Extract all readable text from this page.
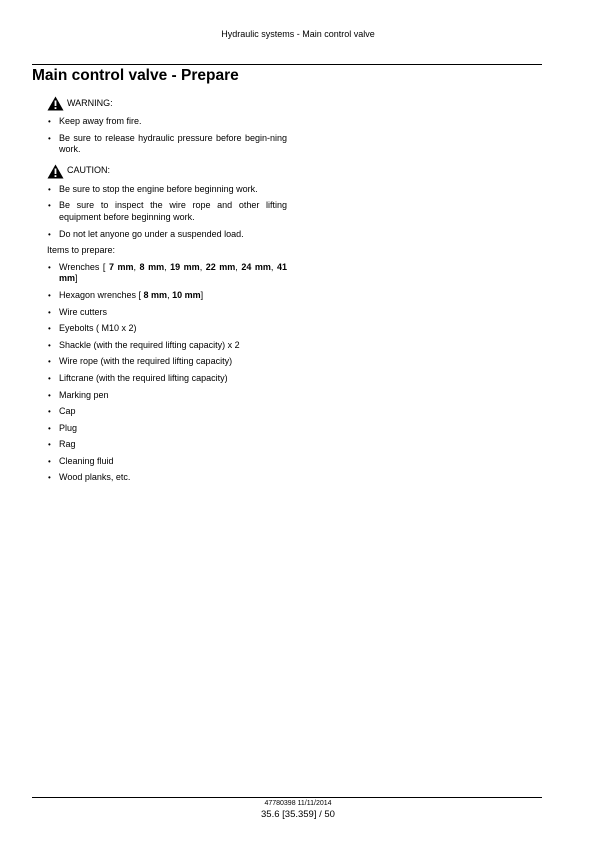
Hydraulic systems - Main control valve
Main control valve - Prepare
WARNING:
• Keep away from fire.
• Be sure to release hydraulic pressure before begin-ning work.
CAUTION:
• Be sure to stop the engine before beginning work.
• Be sure to inspect the wire rope and other lifting equipment before beginning work.
• Do not let anyone go under a suspended load.
Items to prepare:
• Wrenches [ 7 mm, 8 mm, 19 mm, 22 mm, 24 mm, 41 mm]
• Hexagon wrenches [ 8 mm, 10 mm]
• Wire cutters
• Eyebolts ( M10 x 2)
• Shackle (with the required lifting capacity) x 2
• Wire rope (with the required lifting capacity)
• Liftcrane (with the required lifting capacity)
• Marking pen
• Cap
• Plug
• Rag
• Cleaning fluid
• Wood planks, etc.
47780398 11/11/2014
35.6 [35.359] / 50
